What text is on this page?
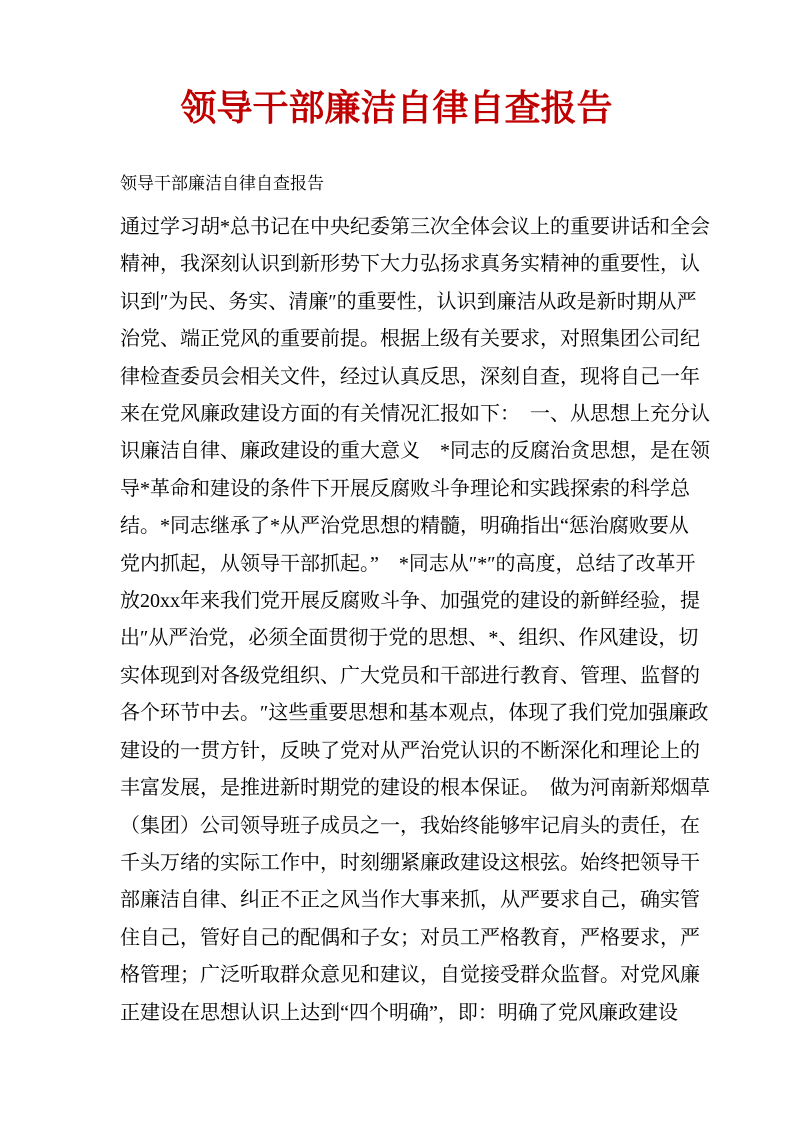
领导干部廉洁自律自查报告
领导干部廉洁自律自查报告
通过学习胡*总书记在中央纪委第三次全体会议上的重要讲话和全会
精神，我深刻认识到新形势下大力弘扬求真务实精神的重要性，认
识到″为民、务实、清廉″的重要性，认识到廉洁从政是新时期从严
治党、端正党风的重要前提。根据上级有关要求，对照集团公司纪
律检查委员会相关文件，经过认真反思，深刻自查，现将自己一年
来在党风廉政建设方面的有关情况汇报如下：　一、从思想上充分认
识廉洁自律、廉政建设的重大意义　*同志的反腐治贪思想，是在领
导*革命和建设的条件下开展反腐败斗争理论和实践探索的科学总
结。*同志继承了*从严治党思想的精髓，明确指出“惩治腐败要从
党内抓起，从领导干部抓起。”　*同志从″*″的高度，总结了改革开
放20xx年来我们党开展反腐败斗争、加强党的建设的新鲜经验，提
出″从严治党，必须全面贯彻于党的思想、*、组织、作风建设，切
实体现到对各级党组织、广大党员和干部进行教育、管理、监督的
各个环节中去。″这些重要思想和基本观点，体现了我们党加强廉政
建设的一贯方针，反映了党对从严治党认识的不断深化和理论上的
丰富发展，是推进新时期党的建设的根本保证。　做为河南新郑烟草
（集团）公司领导班子成员之一，我始终能够牢记肩头的责任，在
千头万绪的实际工作中，时刻绷紧廉政建设这根弦。始终把领导干
部廉洁自律、纠正不正之风当作大事来抓，从严要求自己，确实管
住自己，管好自己的配偶和子女；对员工严格教育，严格要求，严
格管理；广泛听取群众意见和建议，自觉接受群众监督。对党风廉
正建设在思想认识上达到“四个明确”，即：明确了党风廉政建设
